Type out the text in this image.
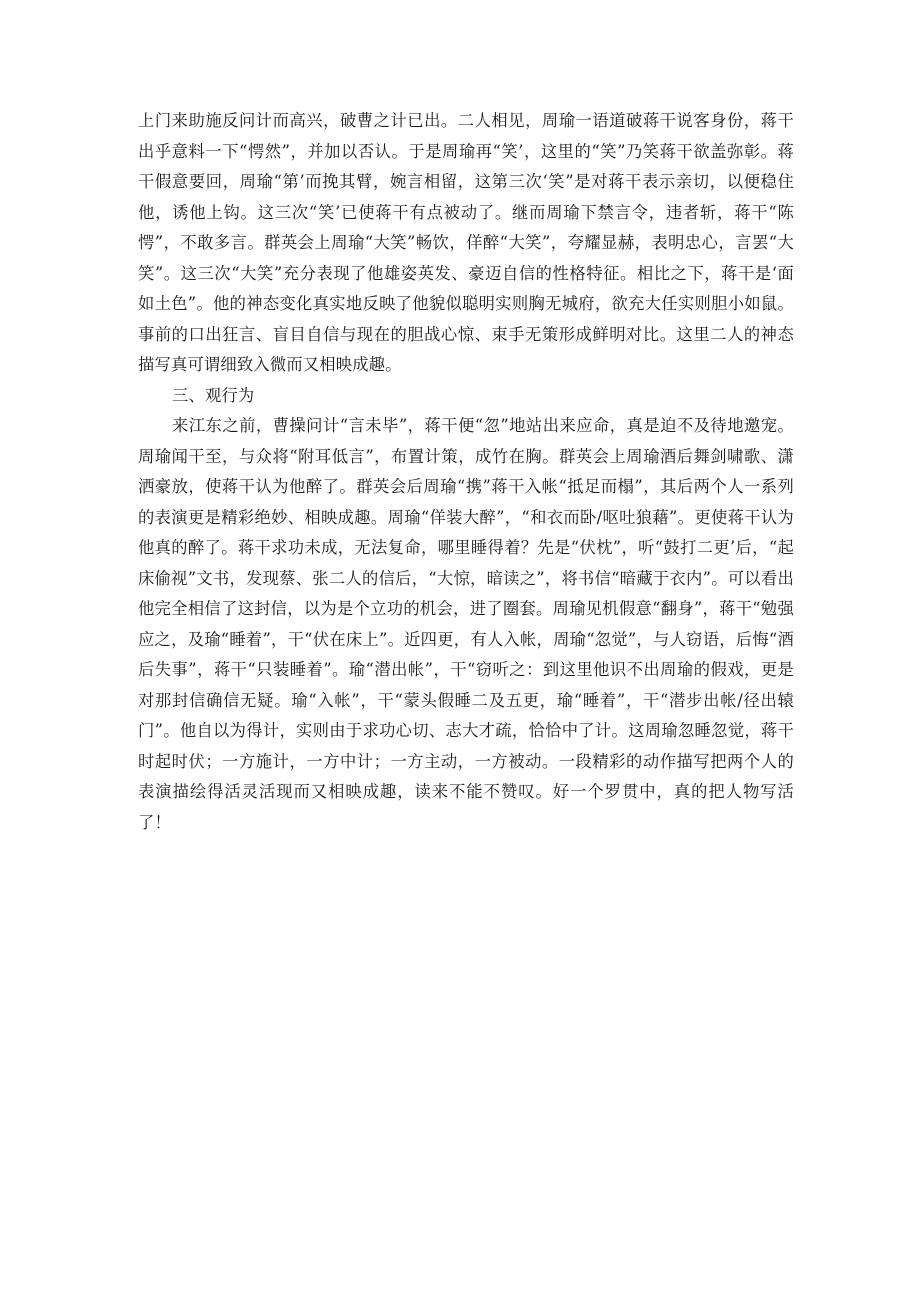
上门来助施反问计而高兴，破曹之计已出。二人相见，周瑜一语道破蒋干说客身份，蒋干出乎意料一下“愕然”，并加以否认。于是周瑜再“笑’，这里的“笑”乃笑蒋干欲盖弥彰。蒋干假意要回，周瑜“第’而挽其臂，婉言相留，这第三次‘笑”是对蒋干表示亲切，以便稳住他，诱他上钩。这三次“笑’已使蒋干有点被动了。继而周瑜下禁言令，违者斩，蒋干“陈愕”，不敢多言。群英会上周瑜“大笑”畅饮，佯醉“大笑”，夸耀显赫，表明忠心，言罢“大笑”。这三次“大笑”充分表现了他雄姿英发、豪迈自信的性格特征。相比之下，蒋干是‘面如土色”。他的神态变化真实地反映了他貌似聪明实则胸无城府，欲充大任实则胆小如鼠。事前的口出狂言、盲目自信与现在的胆战心惊、束手无策形成鲜明对比。这里二人的神态描写真可谓细致入微而又相映成趣。

三、观行为

来江东之前，曹操问计“言未毕”，蒋干便“忽”地站出来应命，真是迫不及待地邀宠。周瑜闻干至，与众将“附耳低言”，布置计策，成竹在胸。群英会上周瑜酒后舞剑啸歌、潇洒豪放，使蒋干认为他醉了。群英会后周瑜“携”蒋干入帐“抵足而榻”，其后两个人一系列的表演更是精彩绝妙、相映成趣。周瑜“佯装大醉”，“和衣而卧/呕吐狼藉”。更使蒋干认为他真的醉了。蒋干求功未成，无法复命，哪里睡得着？先是“伏枕”，听“鼓打二更’后，“起床偷视”文书，发现蔡、张二人的信后，“大惊，暗读之”，将书信“暗藏于衣内”。可以看出他完全相信了这封信，以为是个立功的机会，进了圈套。周瑜见机假意“翻身”，蒋干“勉强应之，及瑜“睡着”，干“伏在床上”。近四更，有人入帐，周瑜“忽觉”，与人窃语，后悔“酒后失事”，蒋干“只装睡着”。瑜“潜出帐”，干“窃听之：到这里他识不出周瑜的假戏，更是对那封信确信无疑。瑜“入帐”，干“蒙头假睡二及五更，瑜“睡着”，干“潜步出帐/径出辕门”。他自以为得计，实则由于求功心切、志大才疏，恰恰中了计。这周瑜忽睡忽觉，蒋干时起时伏；一方施计，一方中计；一方主动，一方被动。一段精彩的动作描写把两个人的表演描绘得活灵活现而又相映成趣，读来不能不赞叹。好一个罗贯中，真的把人物写活了！
